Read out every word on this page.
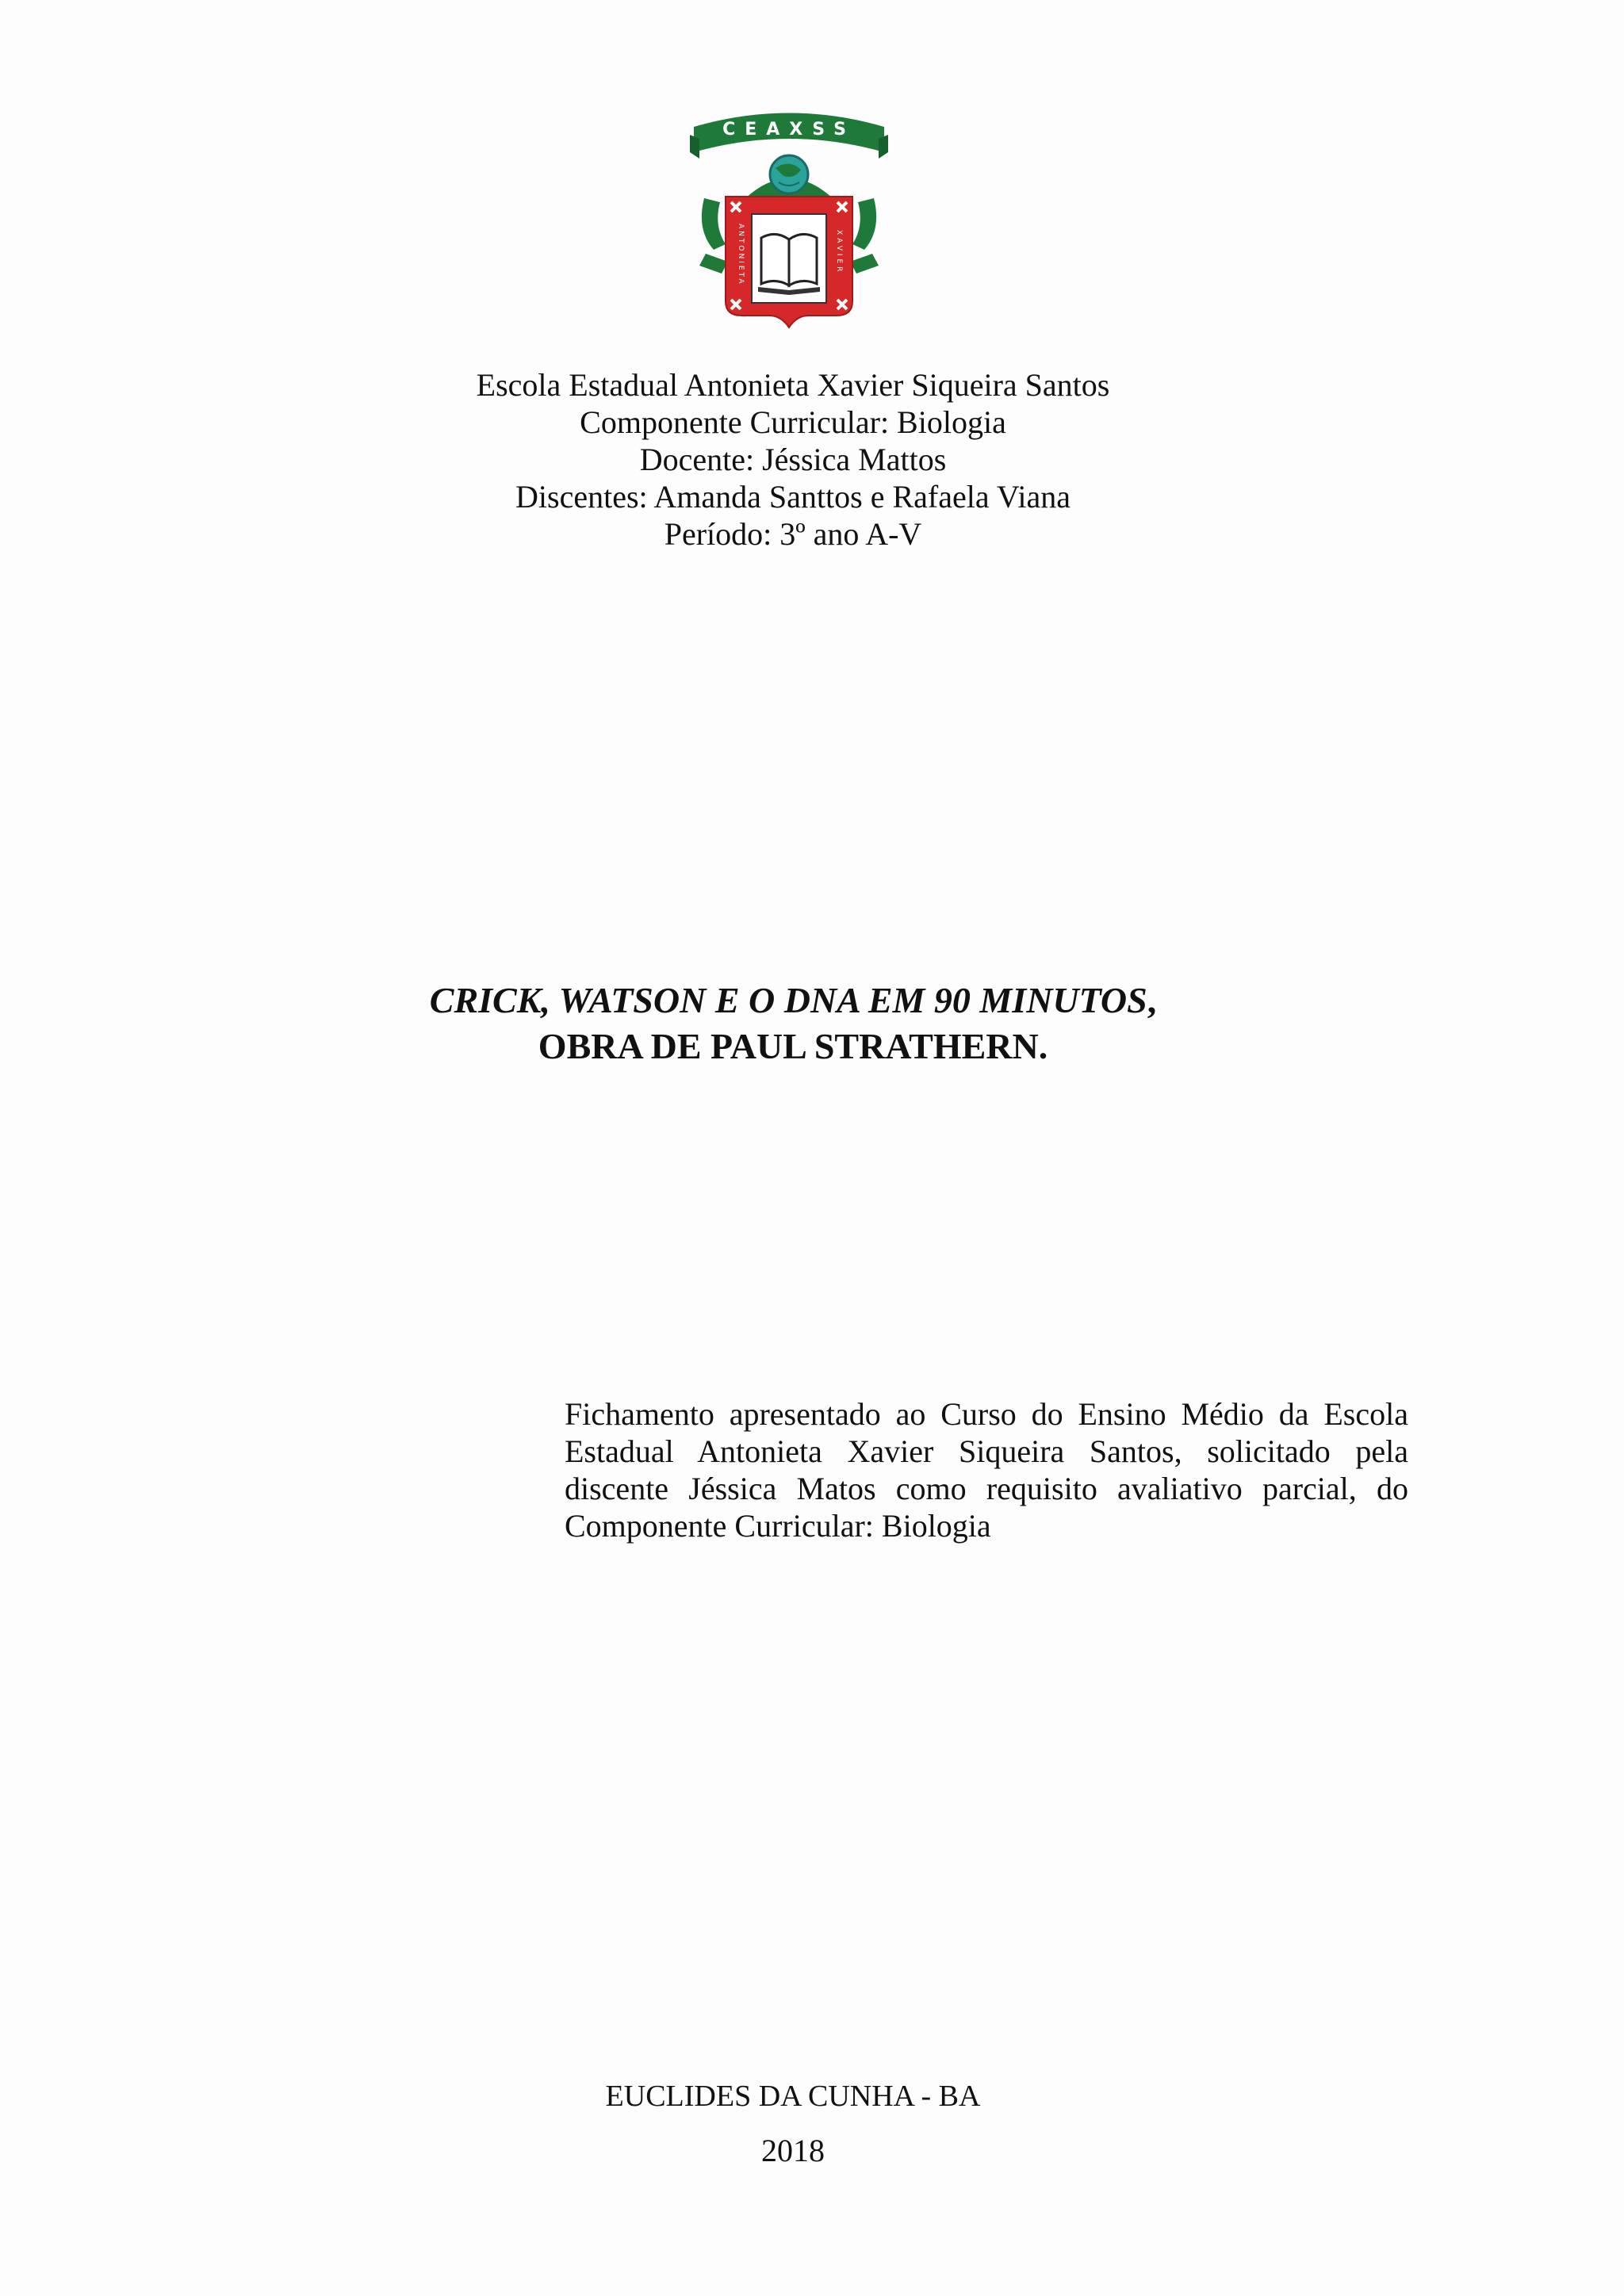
CEAXSS
ANTONIETA	XAVIER
Escola Estadual Antonieta Xavier Siqueira Santos
Componente Curricular: Biologia
Docente: Jéssica Mattos
Discentes: Amanda Santtos e Rafaela Viana
Período: 3º ano A-V
CRICK, WATSON E O DNA EM 90 MINUTOS,
OBRA DE PAUL STRATHERN.
Fichamento apresentado ao Curso do Ensino Médio da Escola
Estadual Antonieta Xavier Siqueira Santos, solicitado pela
discente Jéssica Matos como requisito avaliativo parcial, do
Componente Curricular: Biologia
EUCLIDES DA CUNHA - BA
2018
